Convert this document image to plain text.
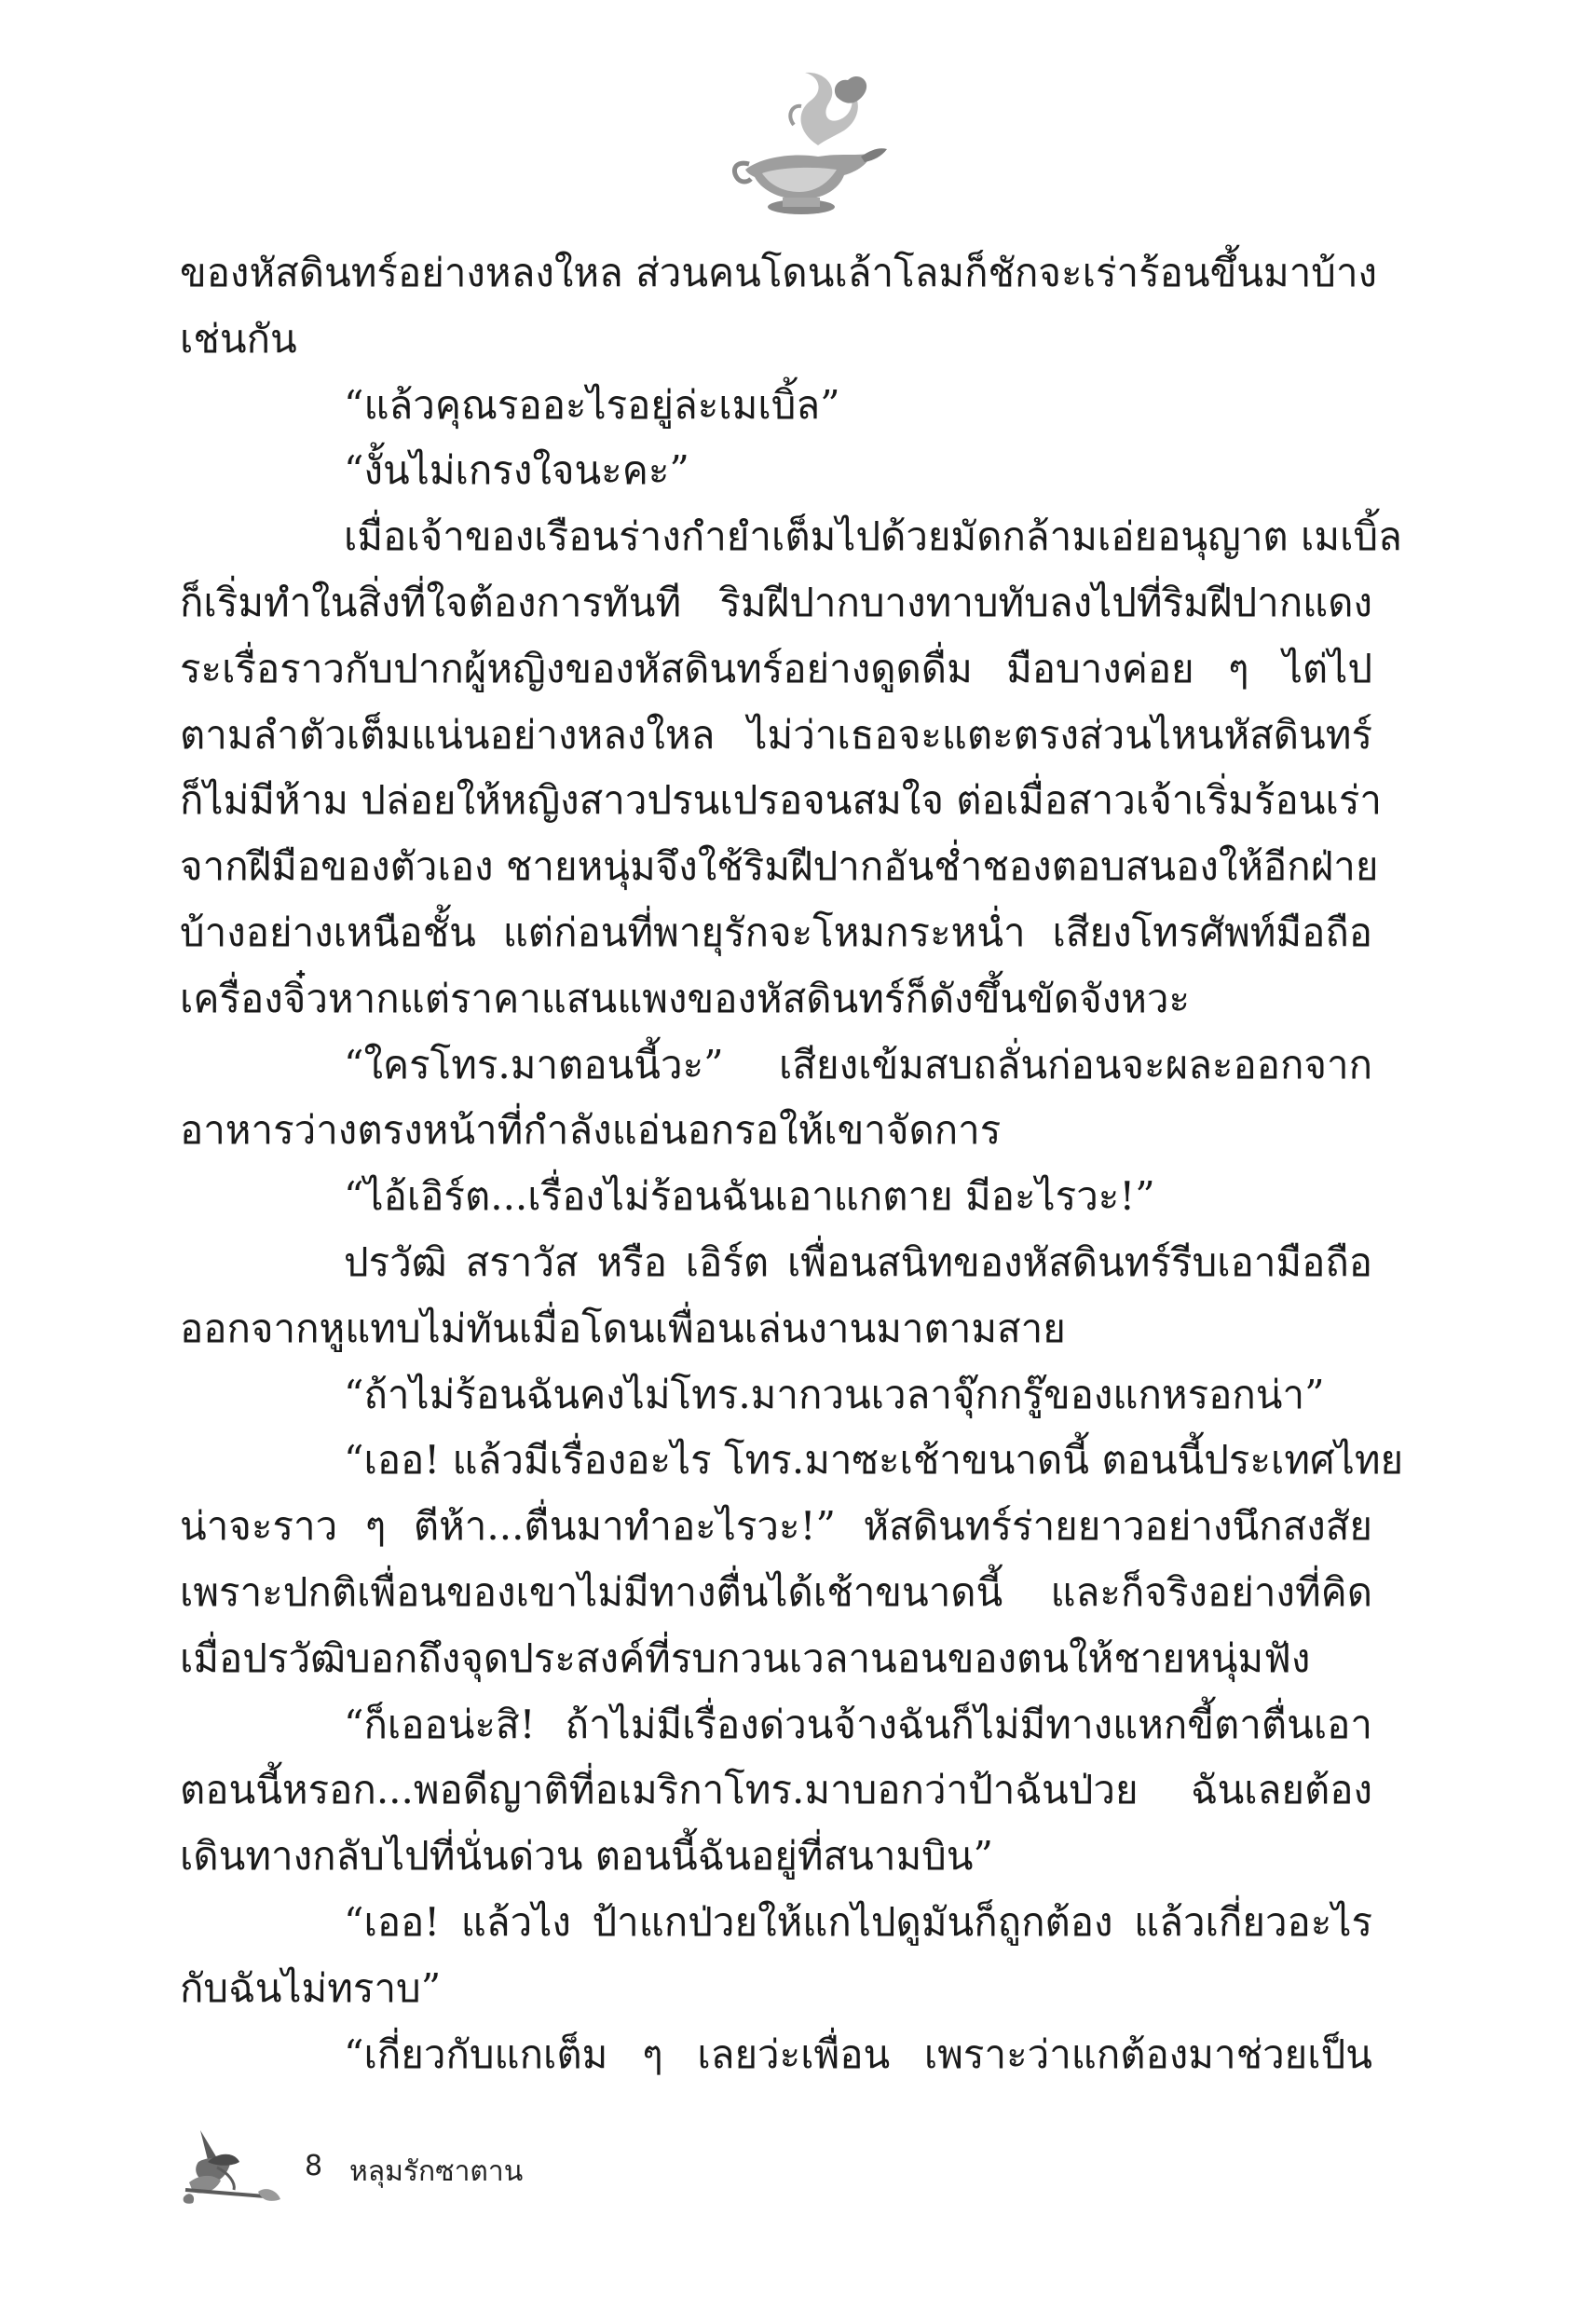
ของหัสดินทร์อย่างหลงใหล ส่วนคนโดนเล้าโลมก็ชักจะเร่าร้อนขึ้นมาบ้าง
เช่นกัน
“แล้วคุณรออะไรอยู่ล่ะเมเบิ้ล”
“งั้นไม่เกรงใจนะคะ”
เมื่อเจ้าของเรือนร่างกำยำเต็มไปด้วยมัดกล้ามเอ่ยอนุญาต เมเบิ้ล
ก็เริ่มทำในสิ่งที่ใจต้องการทันที ริมฝีปากบางทาบทับลงไปที่ริมฝีปากแดง
ระเรื่อราวกับปากผู้หญิงของหัสดินทร์อย่างดูดดื่ม มือบางค่อย ๆ ไต่ไป
ตามลำตัวเต็มแน่นอย่างหลงใหล ไม่ว่าเธอจะแตะตรงส่วนไหนหัสดินทร์
ก็ไม่มีห้าม ปล่อยให้หญิงสาวปรนเปรอจนสมใจ ต่อเมื่อสาวเจ้าเริ่มร้อนเร่า
จากฝีมือของตัวเอง ชายหนุ่มจึงใช้ริมฝีปากอันช่ำชองตอบสนองให้อีกฝ่าย
บ้างอย่างเหนือชั้น แต่ก่อนที่พายุรักจะโหมกระหน่ำ เสียงโทรศัพท์มือถือ
เครื่องจิ๋วหากแต่ราคาแสนแพงของหัสดินทร์ก็ดังขึ้นขัดจังหวะ
“ใครโทร.มาตอนนี้วะ” เสียงเข้มสบถลั่นก่อนจะผละออกจาก
อาหารว่างตรงหน้าที่กำลังแอ่นอกรอให้เขาจัดการ
“ไอ้เอิร์ต...เรื่องไม่ร้อนฉันเอาแกตาย มีอะไรวะ!”
ปรวัฒิ สราวัส หรือ เอิร์ต เพื่อนสนิทของหัสดินทร์รีบเอามือถือ
ออกจากหูแทบไม่ทันเมื่อโดนเพื่อนเล่นงานมาตามสาย
“ถ้าไม่ร้อนฉันคงไม่โทร.มากวนเวลาจุ๊กกรู๊ของแกหรอกน่า”
“เออ! แล้วมีเรื่องอะไร โทร.มาซะเช้าขนาดนี้ ตอนนี้ประเทศไทย
น่าจะราว ๆ ตีห้า...ตื่นมาทำอะไรวะ!” หัสดินทร์ร่ายยาวอย่างนึกสงสัย
เพราะปกติเพื่อนของเขาไม่มีทางตื่นได้เช้าขนาดนี้ และก็จริงอย่างที่คิด
เมื่อปรวัฒิบอกถึงจุดประสงค์ที่รบกวนเวลานอนของตนให้ชายหนุ่มฟัง
“ก็เออน่ะสิ! ถ้าไม่มีเรื่องด่วนจ้างฉันก็ไม่มีทางแหกขี้ตาตื่นเอา
ตอนนี้หรอก...พอดีญาติที่อเมริกาโทร.มาบอกว่าป้าฉันป่วย ฉันเลยต้อง
เดินทางกลับไปที่นั่นด่วน ตอนนี้ฉันอยู่ที่สนามบิน”
“เออ! แล้วไง ป้าแกป่วยให้แกไปดูมันก็ถูกต้อง แล้วเกี่ยวอะไร
กับฉันไม่ทราบ”
“เกี่ยวกับแกเต็ม ๆ เลยว่ะเพื่อน เพราะว่าแกต้องมาช่วยเป็น
8 หลุมรักซาตาน
